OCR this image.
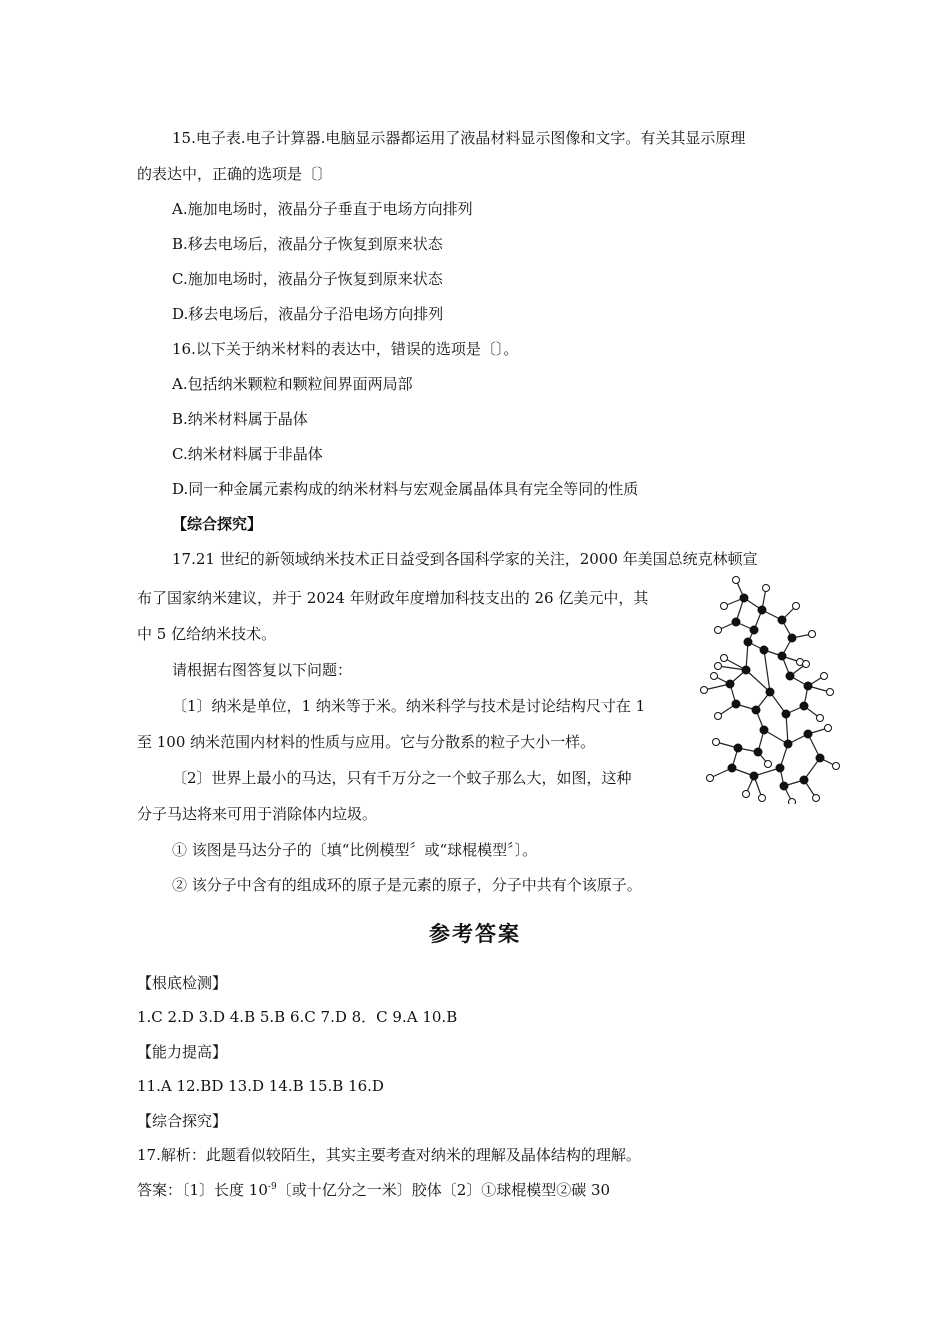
15.电子表.电子计算器.电脑显示器都运用了液晶材料显示图像和文字。有关其显示原理
的表达中，正确的选项是〔〕
A.施加电场时，液晶分子垂直于电场方向排列
B.移去电场后，液晶分子恢复到原来状态
C.施加电场时，液晶分子恢复到原来状态
D.移去电场后，液晶分子沿电场方向排列
16.以下关于纳米材料的表达中，错误的选项是〔〕。
A.包括纳米颗粒和颗粒间界面两局部
B.纳米材料属于晶体
C.纳米材料属于非晶体
D.同一种金属元素构成的纳米材料与宏观金属晶体具有完全等同的性质
【综合探究】
17.21 世纪的新领域纳米技术正日益受到各国科学家的关注，2000 年美国总统克林顿宣
布了国家纳米建议，并于 2024 年财政年度增加科技支出的 26 亿美元中，其
中 5 亿给纳米技术。
请根据右图答复以下问题：
〔1〕纳米是单位，1 纳米等于米。纳米科学与技术是讨论结构尺寸在 1
至 100 纳米范围内材料的性质与应用。它与分散系的粒子大小一样。
〔2〕世界上最小的马达，只有千万分之一个蚊子那么大，如图，这种
分子马达将来可用于消除体内垃圾。
① 该图是马达分子的〔填“比例模型〞或“球棍模型〞〕。
② 该分子中含有的组成环的原子是元素的原子，分子中共有个该原子。
参考答案
【根底检测】
1.C 2.D 3.D 4.B 5.B 6.C 7.D 8．C 9.A 10.B
【能力提高】
11.A 12.BD 13.D 14.B 15.B 16.D
【综合探究】
17.解析：此题看似较陌生，其实主要考查对纳米的理解及晶体结构的理解。
答案：〔1〕长度 $10^{-9}$〔或十亿分之一米〕胶体〔2〕①球棍模型②碳 30
